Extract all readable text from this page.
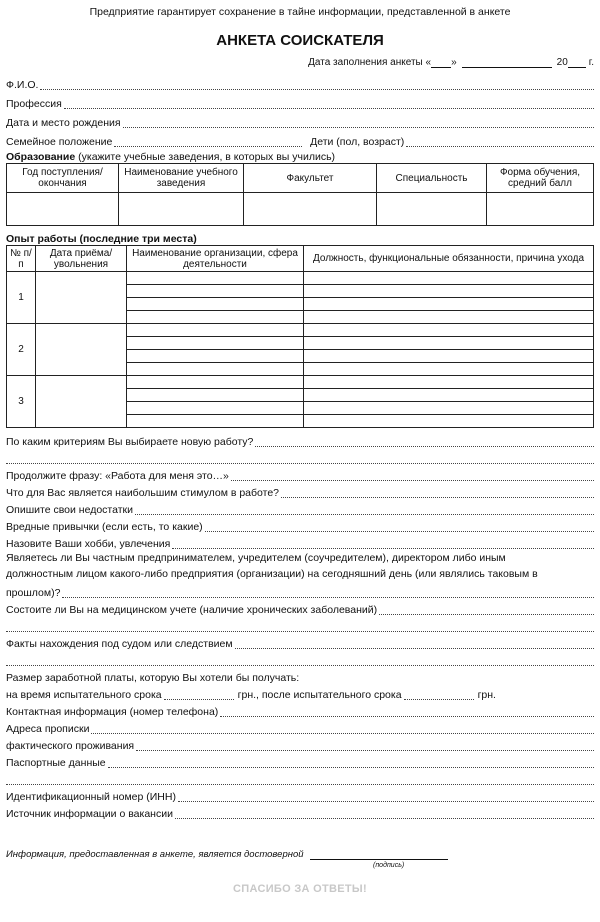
Предприятие гарантирует сохранение в тайне информации, представленной в анкете
АНКЕТА СОИСКАТЕЛЯ
Дата заполнения анкеты « »	20 г.
Ф.И.О.
Профессия
Дата и место рождения
Семейное положение	Дети (пол, возраст)
Образование (укажите учебные заведения, в которых вы учились)
Год поступления/ окончания	Наименование учебного заведения	Факультет	Специальность	Форма обучения, средний балл

Опыт работы (последние три места)
№ п/п	Дата приёма/ увольнения	Наименование организации, сфера деятельности	Должность, функциональные обязанности, причина ухода
1			

2			

3			

По каким критериям Вы выбираете новую работу?
Продолжите фразу: «Работа для меня это…»
Что для Вас является наибольшим стимулом в работе?
Опишите свои недостатки
Вредные привычки (если есть, то какие)
Назовите Ваши хобби, увлечения
Являетесь ли Вы частным предпринимателем, учредителем (соучредителем), директором либо иным
должностным лицом какого-либо предприятия (организации) на сегодняшний день (или являлись таковым в
прошлом)?
Состоите ли Вы на медицинском учете (наличие хронических заболеваний)
Факты нахождения под судом или следствием
Размер заработной платы, которую Вы хотели бы получать:
на время испытательного срока	грн., после испытательного срока	грн.
Контактная информация (номер телефона)
Адреса прописки
фактического проживания
Паспортные данные
Идентификационный номер (ИНН)
Источник информации о вакансии
Информация, предоставленная в анкете, является достоверной
(подпись)
СПАСИБО ЗА ОТВЕТЫ!
